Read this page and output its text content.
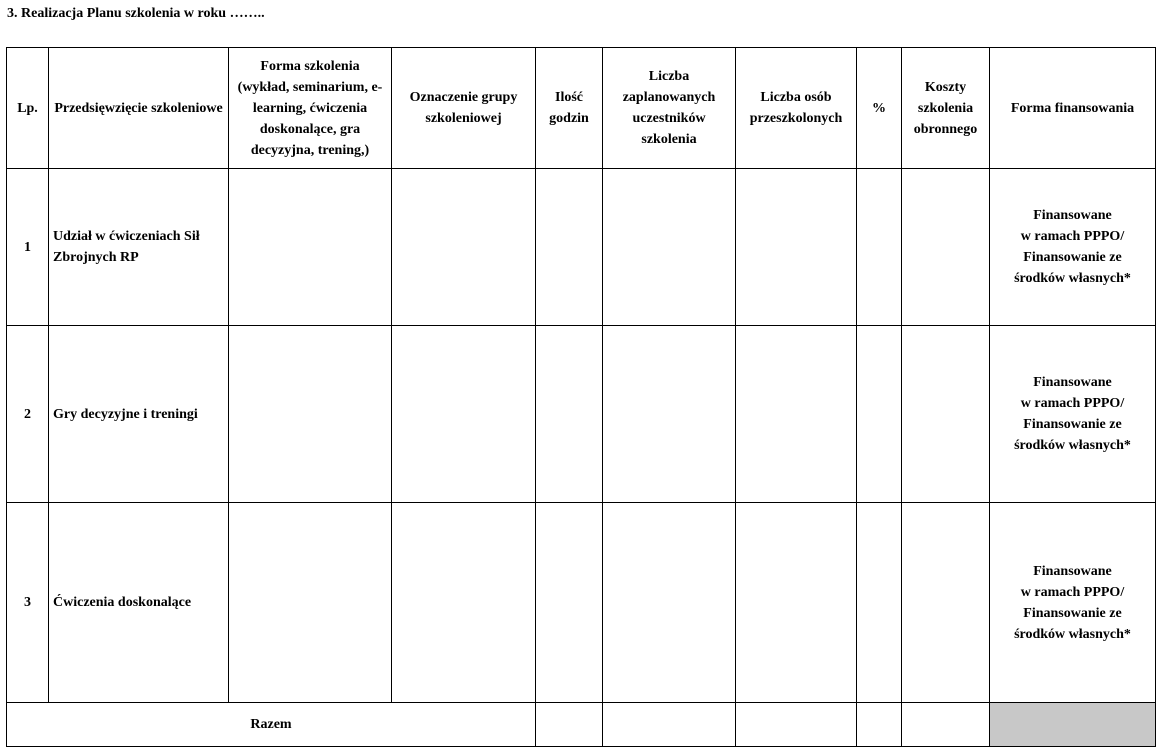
3. Realizacja Planu szkolenia w roku ……..
Lp.	Przedsięwzięcie szkoleniowe	Forma szkolenia (wykład, seminarium, e-learning, ćwiczenia doskonalące, gra decyzyjna, trening,)	Oznaczenie grupy szkoleniowej	Ilość godzin	Liczba zaplanowanych uczestników szkolenia	Liczba osób przeszkolonych	%	Koszty szkolenia obronnego	Forma finansowania
1	Udział w ćwiczeniach Sił Zbrojnych RP								Finansowane
w ramach PPPO/
Finansowanie ze
środków własnych*

2	Gry decyzyjne i treningi								Finansowane
w ramach PPPO/
Finansowanie ze
środków własnych*

3	Ćwiczenia doskonalące								Finansowane
w ramach PPPO/
Finansowanie ze
środków własnych*

Razem									
